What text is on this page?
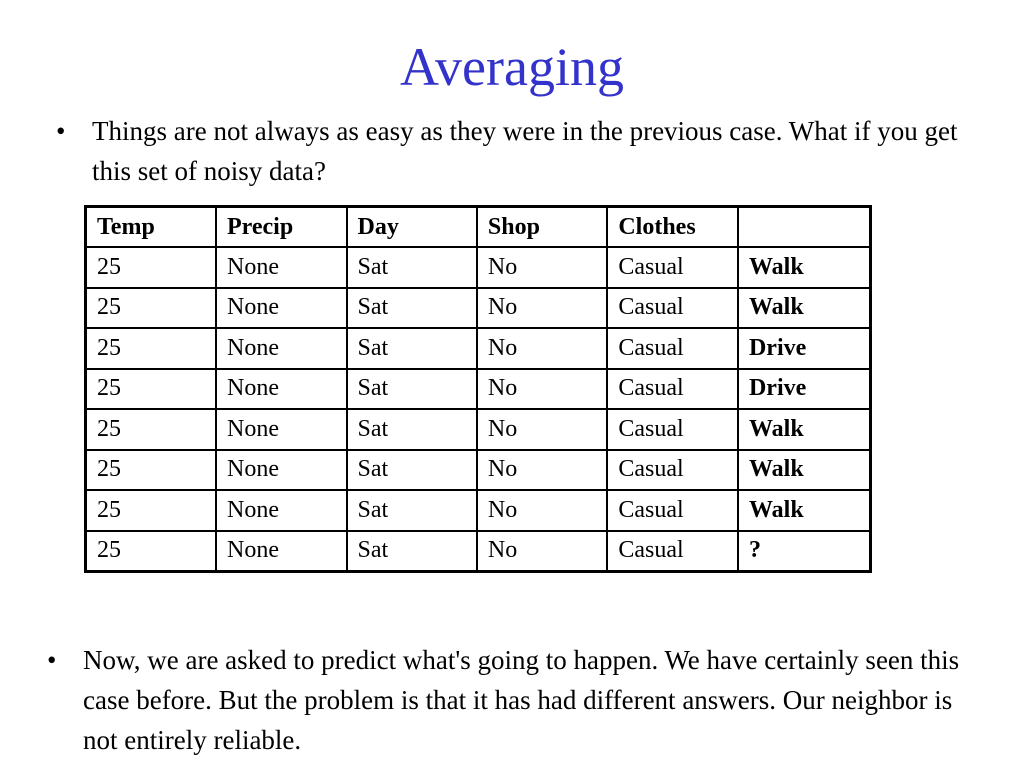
Averaging
• Things are not always as easy as they were in the previous case. What if you get this set of noisy data?
Temp	Precip	Day	Shop	Clothes	
25	None	Sat	No	Casual	Walk
25	None	Sat	No	Casual	Walk
25	None	Sat	No	Casual	Drive
25	None	Sat	No	Casual	Drive
25	None	Sat	No	Casual	Walk
25	None	Sat	No	Casual	Walk
25	None	Sat	No	Casual	Walk
25	None	Sat	No	Casual	?
• Now, we are asked to predict what's going to happen. We have certainly seen this case before. But the problem is that it has had different answers. Our neighbor is not entirely reliable.
